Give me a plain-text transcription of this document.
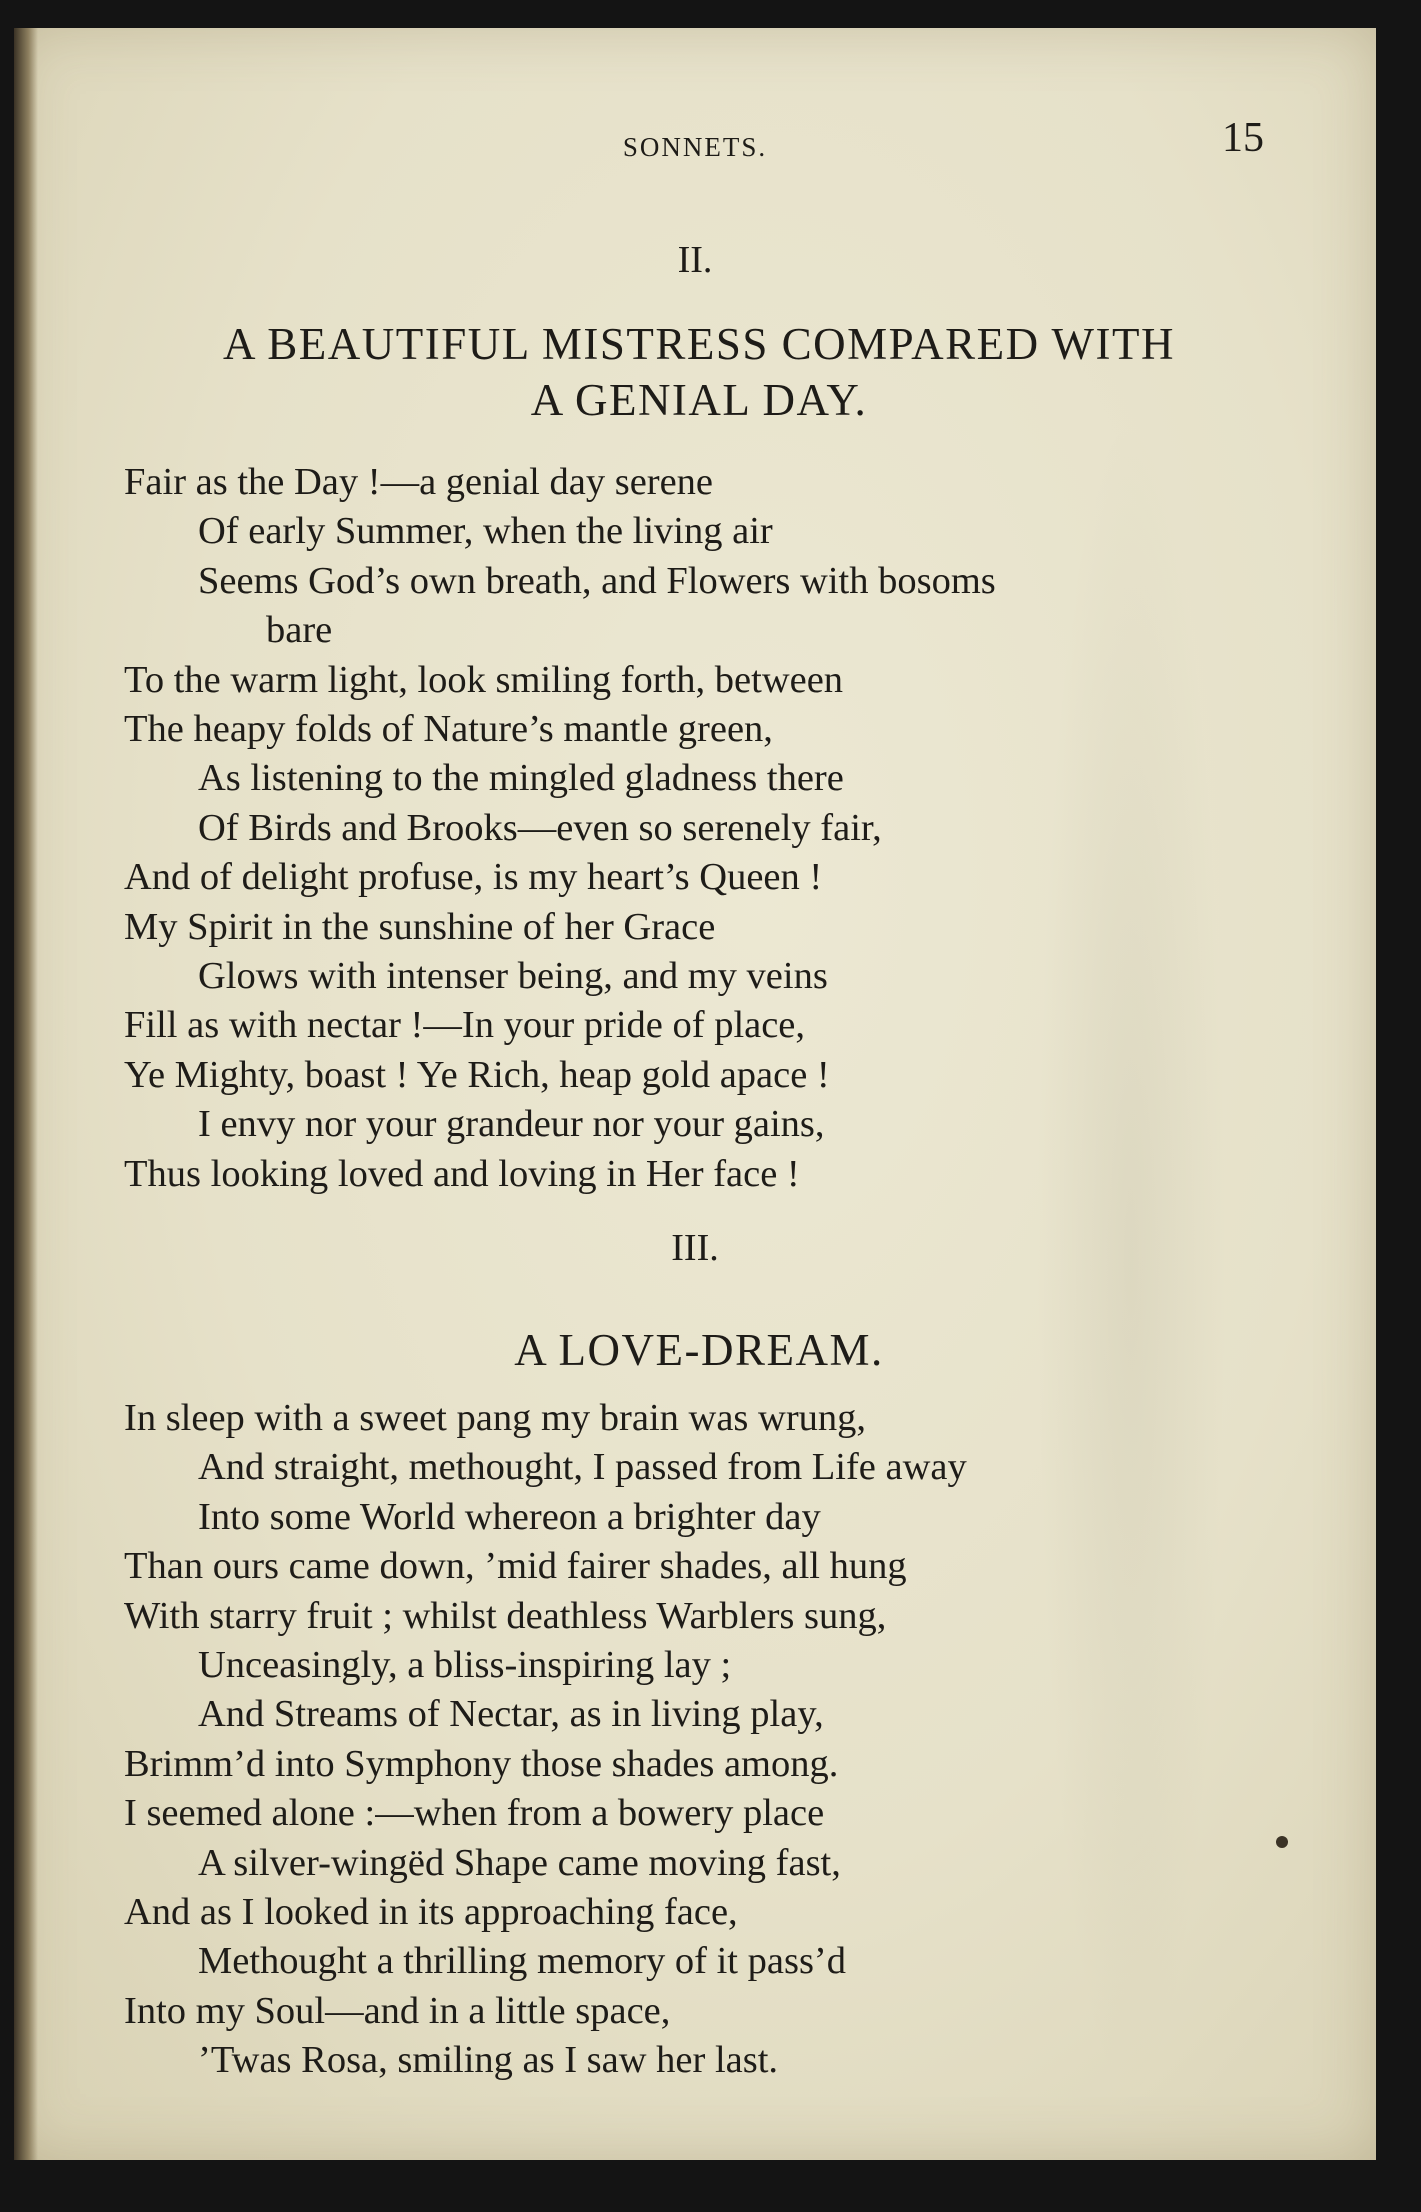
SONNETS.	15
II.
A BEAUTIFUL MISTRESS COMPARED WITH
A GENIAL DAY.
Fair as the Day !—a genial day serene
Of early Summer, when the living air
Seems God’s own breath, and Flowers with bosoms
bare
To the warm light, look smiling forth, between
The heapy folds of Nature’s mantle green,
As listening to the mingled gladness there
Of Birds and Brooks—even so serenely fair,
And of delight profuse, is my heart’s Queen !
My Spirit in the sunshine of her Grace
Glows with intenser being, and my veins
Fill as with nectar !—In your pride of place,
Ye Mighty, boast ! Ye Rich, heap gold apace !
I envy nor your grandeur nor your gains,
Thus looking loved and loving in Her face !
III.
A LOVE-DREAM.
In sleep with a sweet pang my brain was wrung,
And straight, methought, I passed from Life away
Into some World whereon a brighter day
Than ours came down, ’mid fairer shades, all hung
With starry fruit ; whilst deathless Warblers sung,
Unceasingly, a bliss-inspiring lay ;
And Streams of Nectar, as in living play,
Brimm’d into Symphony those shades among.
I seemed alone :—when from a bowery place
A silver-wingëd Shape came moving fast,
And as I looked in its approaching face,
Methought a thrilling memory of it pass’d
Into my Soul—and in a little space,
’Twas Rosa, smiling as I saw her last.
